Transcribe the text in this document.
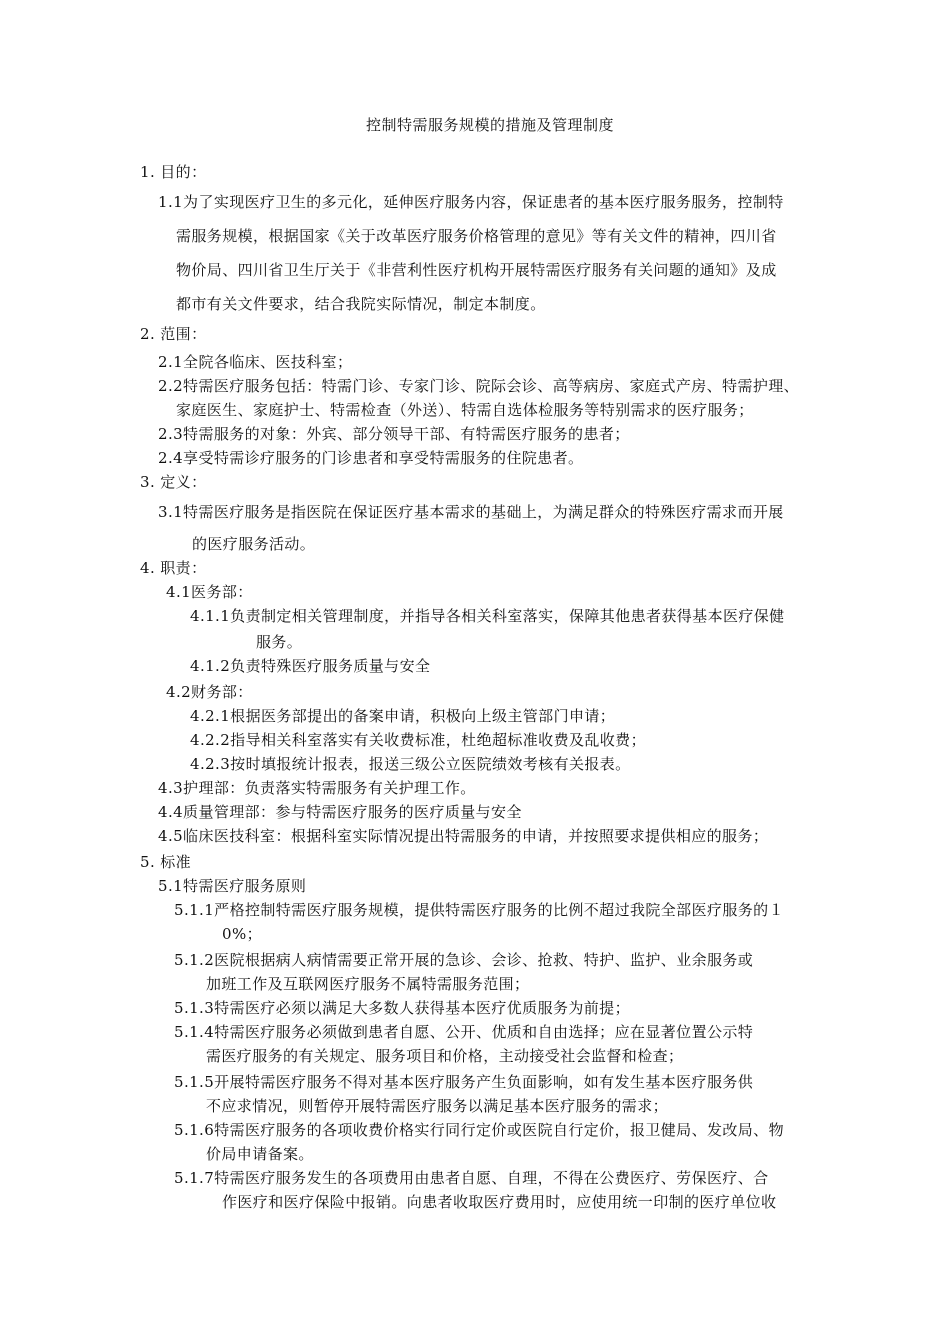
控制特需服务规模的措施及管理制度
1. 目的：
1.1为了实现医疗卫生的多元化，延伸医疗服务内容，保证患者的基本医疗服务服务，控制特
需服务规模，根据国家《关于改革医疗服务价格管理的意见》等有关文件的精神，四川省
物价局、四川省卫生厅关于《非营利性医疗机构开展特需医疗服务有关问题的通知》及成
都市有关文件要求，结合我院实际情况，制定本制度。
2. 范围：
2.1全院各临床、医技科室；
2.2特需医疗服务包括：特需门诊、专家门诊、院际会诊、高等病房、家庭式产房、特需护理、
家庭医生、家庭护士、特需检查（外送）、特需自选体检服务等特别需求的医疗服务；
2.3特需服务的对象：外宾、部分领导干部、有特需医疗服务的患者；
2.4享受特需诊疗服务的门诊患者和享受特需服务的住院患者。
3. 定义：
3.1特需医疗服务是指医院在保证医疗基本需求的基础上，为满足群众的特殊医疗需求而开展
的医疗服务活动。
4. 职责：
4.1医务部：
4.1.1负责制定相关管理制度，并指导各相关科室落实，保障其他患者获得基本医疗保健
服务。
4.1.2负责特殊医疗服务质量与安全
4.2财务部：
4.2.1根据医务部提出的备案申请，积极向上级主管部门申请；
4.2.2指导相关科室落实有关收费标准，杜绝超标准收费及乱收费；
4.2.3按时填报统计报表，报送三级公立医院绩效考核有关报表。
4.3护理部：负责落实特需服务有关护理工作。
4.4质量管理部：参与特需医疗服务的医疗质量与安全
4.5临床医技科室：根据科室实际情况提出特需服务的申请，并按照要求提供相应的服务；
5. 标准
5.1特需医疗服务原则
5.1.1严格控制特需医疗服务规模，提供特需医疗服务的比例不超过我院全部医疗服务的１
0%；
5.1.2医院根据病人病情需要正常开展的急诊、会诊、抢救、特护、监护、业余服务或
加班工作及互联网医疗服务不属特需服务范围；
5.1.3特需医疗必须以满足大多数人获得基本医疗优质服务为前提；
5.1.4特需医疗服务必须做到患者自愿、公开、优质和自由选择；应在显著位置公示特
需医疗服务的有关规定、服务项目和价格，主动接受社会监督和检查；
5.1.5开展特需医疗服务不得对基本医疗服务产生负面影响，如有发生基本医疗服务供
不应求情况，则暂停开展特需医疗服务以满足基本医疗服务的需求；
5.1.6特需医疗服务的各项收费价格实行同行定价或医院自行定价，报卫健局、发改局、物
价局申请备案。
5.1.7特需医疗服务发生的各项费用由患者自愿、自理，不得在公费医疗、劳保医疗、合
作医疗和医疗保险中报销。向患者收取医疗费用时，应使用统一印制的医疗单位收
